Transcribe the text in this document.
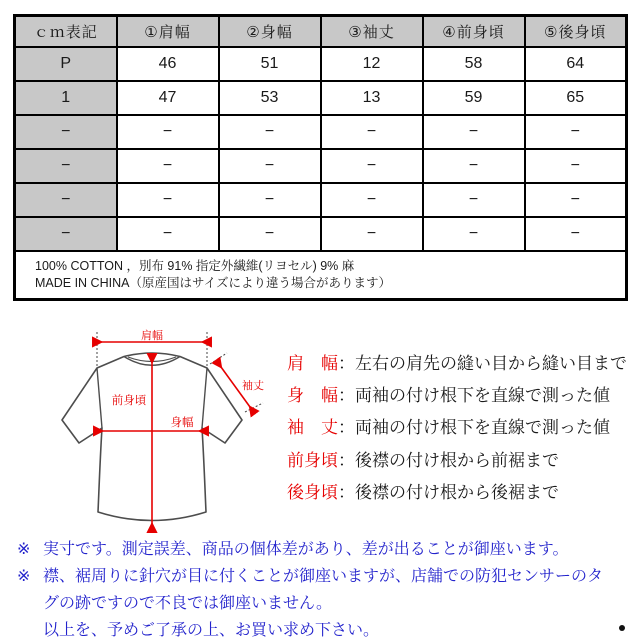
ｃｍ表記	①肩幅	②身幅	③袖丈	④前身頃	⑤後身頃
P	46	51	12	58	64
1	47	53	13	59	65
−	−	−	−	−	−
−	−	−	−	−	−
−	−	−	−	−	−
−	−	−	−	−	−

100% COTTON ，別布 91% 指定外繊維(リヨセル) 9% 麻
MADE IN CHINA（原産国はサイズにより違う場合があります）					
肩幅
前身頃
身幅
袖丈
肩　幅 ：左右の肩先の縫い目から縫い目まで
身　幅 ：両袖の付け根下を直線で測った値
袖　丈 ：両袖の付け根下を直線で測った値
前身頃 ：後襟の付け根から前裾まで
後身頃 ：後襟の付け根から後裾まで
※ 実寸です。測定誤差、商品の個体差があり、差が出ることが御座います。
※ 襟、裾周りに針穴が目に付くことが御座いますが、店舗での防犯センサーのタグの跡ですので不良では御座いません。
以上を、予めご了承の上、お買い求め下さい。
